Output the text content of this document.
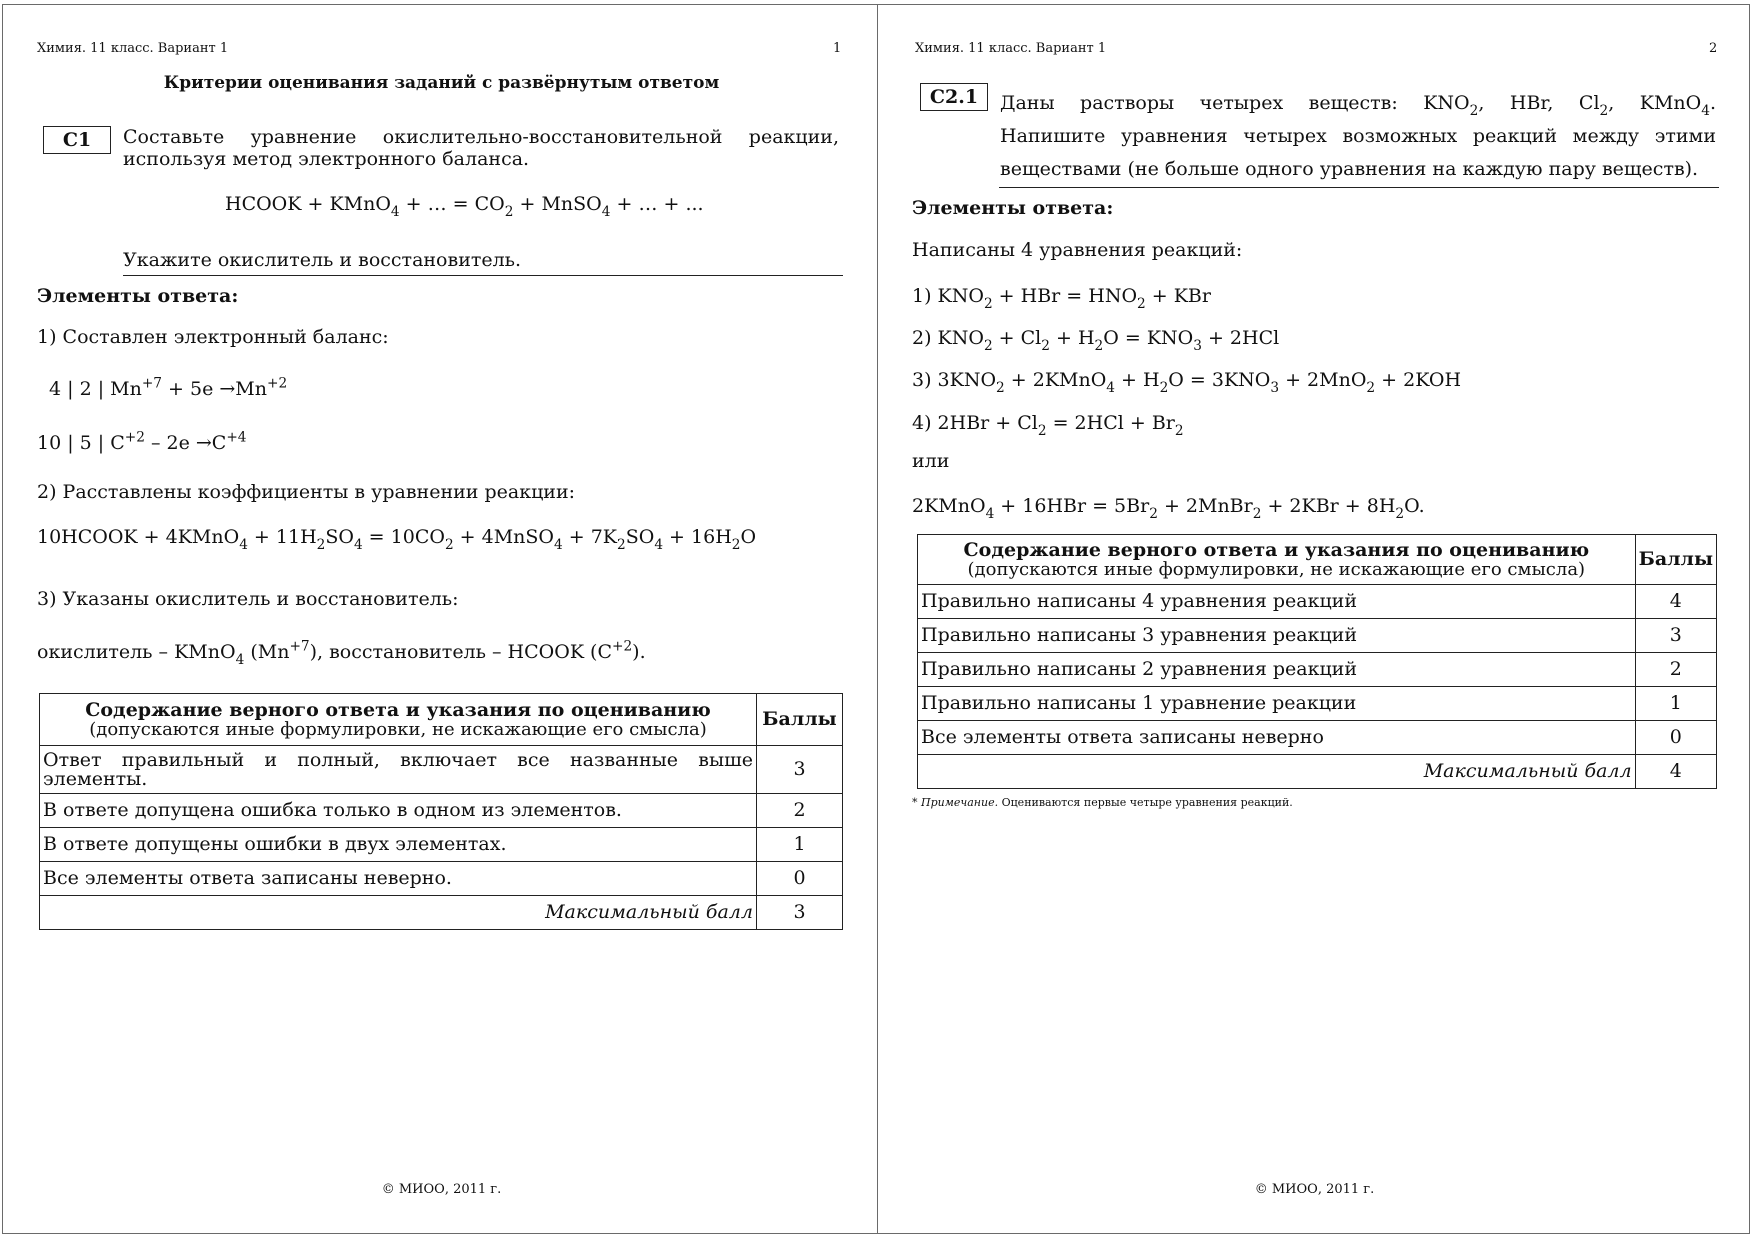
Химия. 11 класс. Вариант 1	1
Критерии оценивания заданий с развёрнутым ответом
С1	Составьте уравнение окислительно-восстановительной реакции,
используя метод электронного баланса.
HCOOK + KMnO$_4$ + … = $CO_2$ + MnSO$_4$ + … + ...
Укажите окислитель и восстановитель.
Элементы ответа:
1) Составлен электронный баланс:
4 | 2 | $Mn^{+7} + 5e \to Mn^{+2}$
10 | 5 | $C^{+2} - 2e \to C^{+4}$
2) Расставлены коэффициенты в уравнении реакции:
10HCOOK + 4KMnO$_4$ + $11H_2SO_4 = 10CO_2$ + 4MnSO$_4$ + $7K_2SO_4 + 16H_2O$
3) Указаны окислитель и восстановитель:
окислитель – KMnO$_4$ $(Mn^{+7})$, восстановитель – HCOOK $(C^{+2})$.
Содержание верного ответа и указания по оцениванию
(допускаются иные формулировки, не искажающие его смысла)	Баллы

Ответ правильный и полный, включает все названные выше
элементы.	3
В ответе допущена ошибка только в одном из элементов.	2
В ответе допущены ошибки в двух элементах.	1
Все элементы ответа записаны неверно.	0
Максимальный балл	3
© МИОО, 2011 г.
Химия. 11 класс. Вариант 1	2
С2.1	Даны растворы четырех веществ: $KNO_2$, HBr, $Cl_2$, KMnO$_4$.
Напишите уравнения четырех возможных реакций между этими
веществами (не больше одного уравнения на каждую пару веществ).
Элементы ответа:
Написаны 4 уравнения реакций:
1) $KNO_2$ + HBr = $HNO_2$ + KBr
2) $KNO_2 + Cl_2 + H_2O = KNO_3 + 2HCl$
3) $3KNO_2$ + 2KMnO$_4$ + $H_2O = 3KNO_3 + 2MnO_2 + 2KOH$
4) $2HBr + Cl_2 = 2HCl + Br_2$
или
2KMnO$_4$ + $16HBr = 5Br_2$ + 2MnBr$_2$ + $2KBr + 8H_2O$.
Содержание верного ответа и указания по оцениванию
(допускаются иные формулировки, не искажающие его смысла)	Баллы
Правильно написаны 4 уравнения реакций	4
Правильно написаны 3 уравнения реакций	3
Правильно написаны 2 уравнения реакций	2
Правильно написаны 1 уравнение реакции	1
Все элементы ответа записаны неверно	0
Максимальный балл	4
* Примечание. Оцениваются первые четыре уравнения реакций.
© МИОО, 2011 г.
